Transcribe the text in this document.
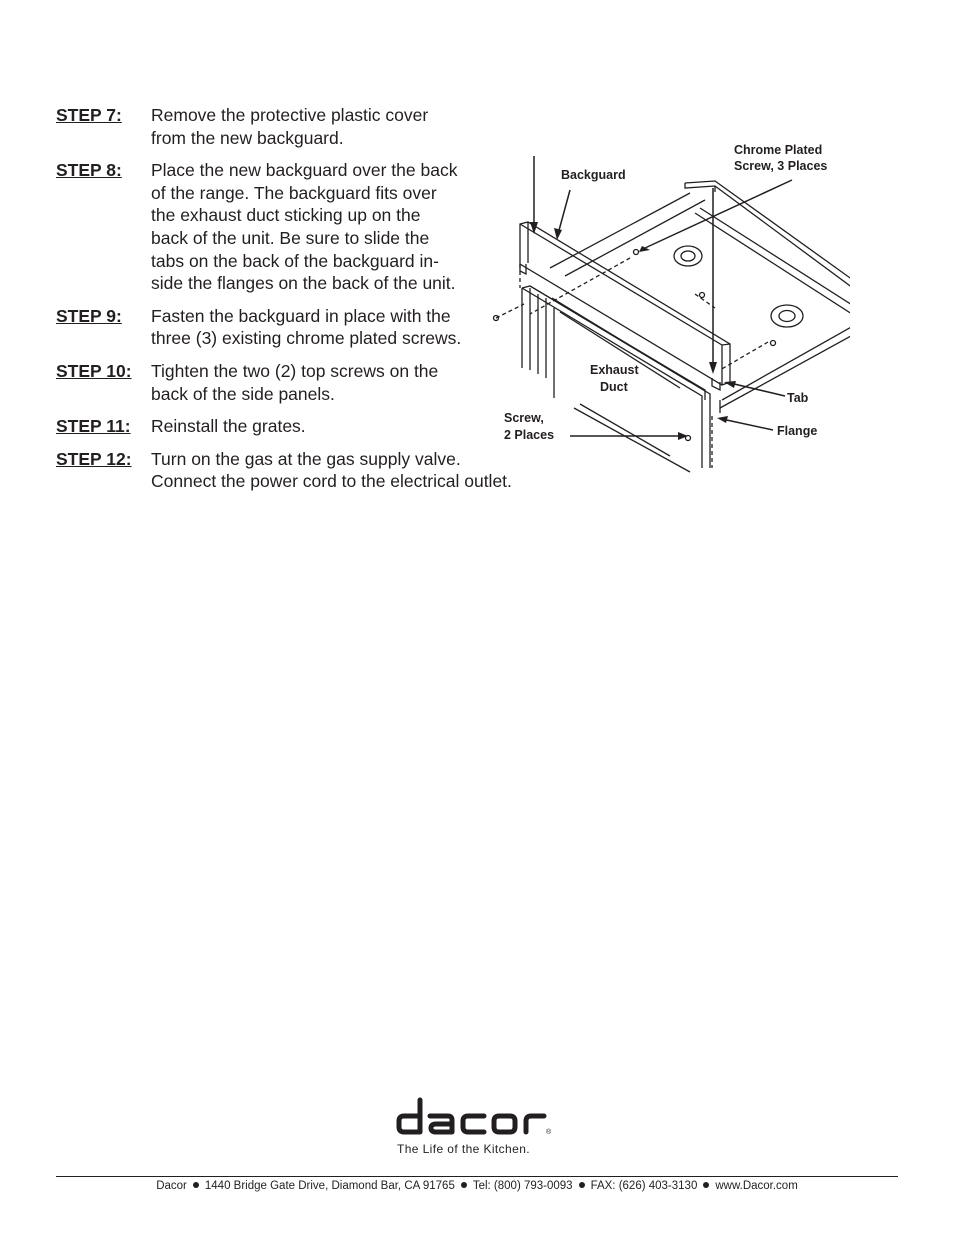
STEP 7: Remove the protective plastic cover
from the new backguard.
STEP 8: Place the new backguard over the back
of the range. The backguard fits over
the exhaust duct sticking up on the
back of the unit. Be sure to slide the
tabs on the back of the backguard in-
side the flanges on the back of the unit.
STEP 9: Fasten the backguard in place with the
three (3) existing chrome plated screws.
STEP 10: Tighten the two (2) top screws on the
back of the side panels.
STEP 11: Reinstall the grates.
STEP 12: Turn on the gas at the gas supply valve.
Connect the power cord to the electrical outlet.
Backguard
Chrome Plated
Screw, 3 Places
Exhaust
Duct
Tab
Screw,
2 Places	Flange
®
The Life of the Kitchen.
Dacor 1440 Bridge Gate Drive, Diamond Bar, CA 91765 Tel: (800) 793-0093 FAX: (626) 403-3130 www.Dacor.com
